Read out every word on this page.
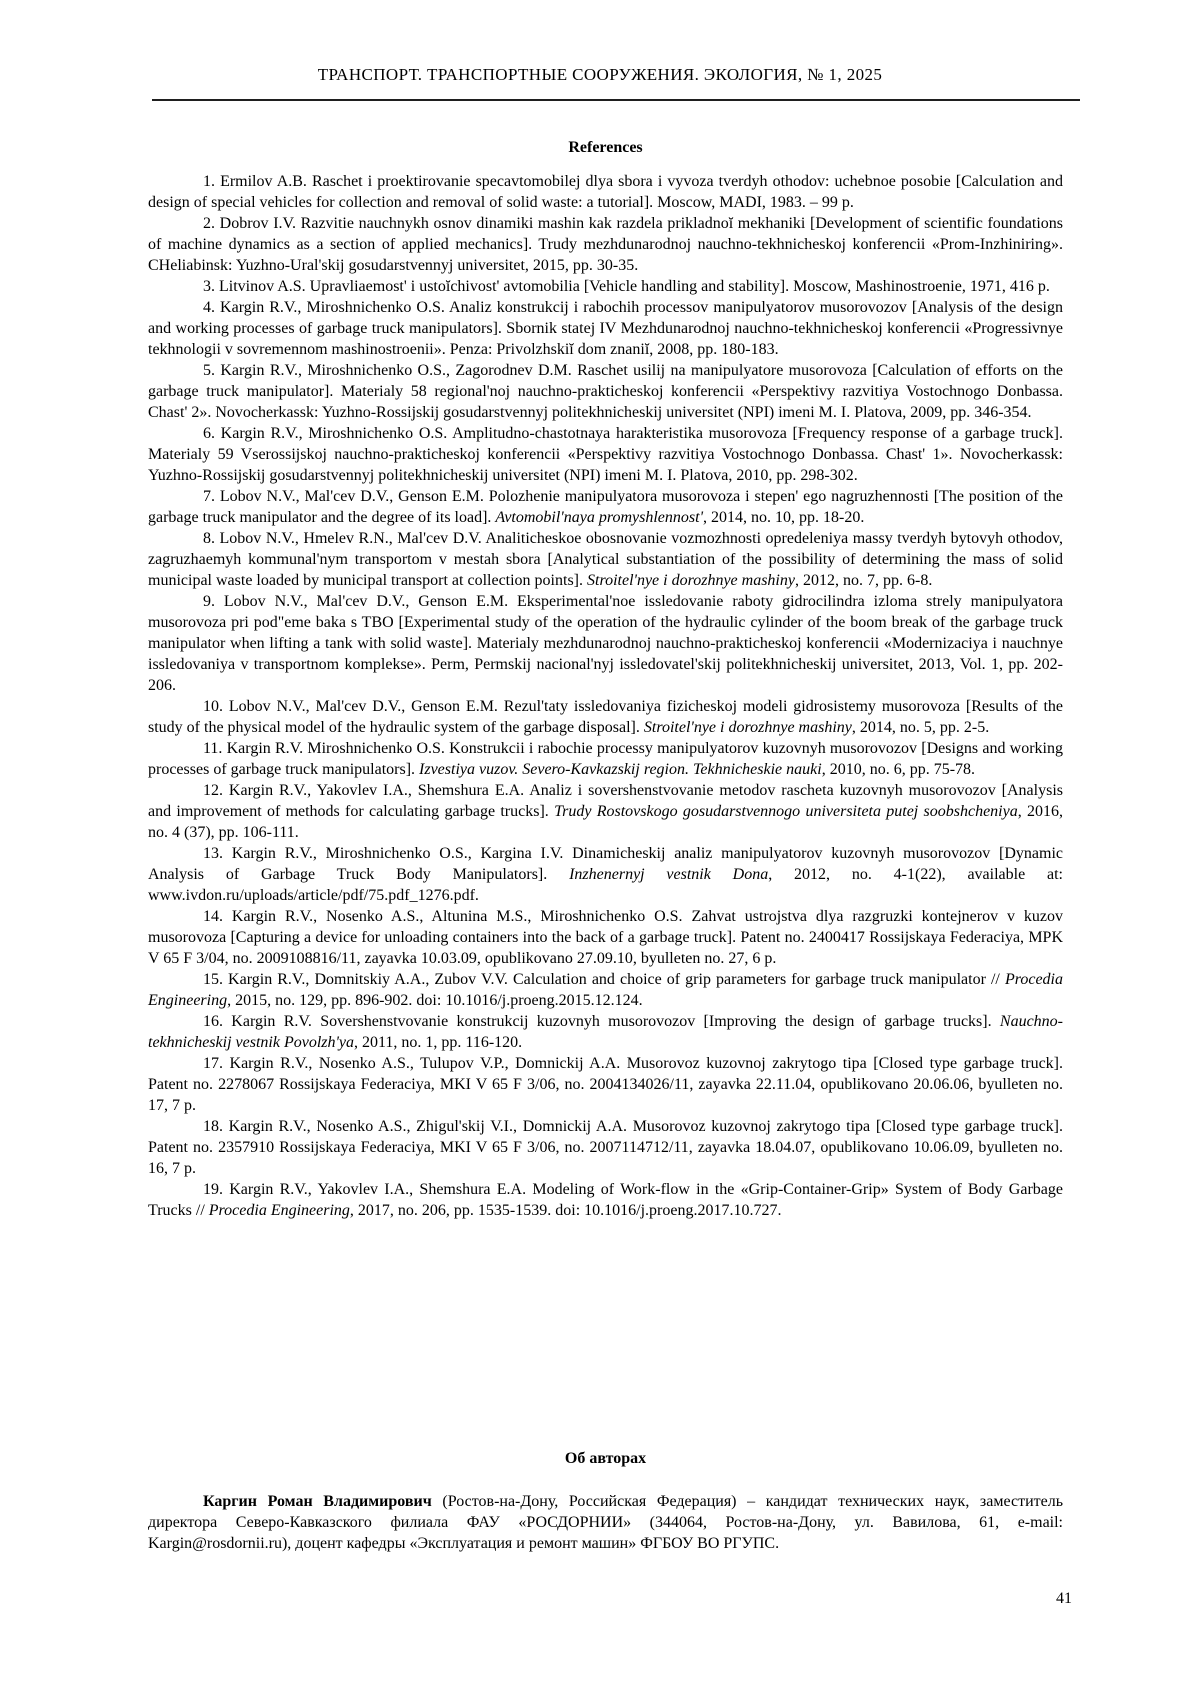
ТРАНСПОРТ. ТРАНСПОРТНЫЕ СООРУЖЕНИЯ. ЭКОЛОГИЯ, № 1, 2025
References

1. Ermilov A.B. Raschet i proektirovanie specavtomobilej dlya sbora i vyvoza tverdyh othodov: uchebnoe posobie [Calculation and design of special vehicles for collection and removal of solid waste: a tutorial]. Moscow, MADI, 1983. – 99 p.

2. Dobrov I.V. Razvitie nauchnykh osnov dinamiki mashin kak razdela prikladnoĭ mekhaniki [Development of scientific foundations of machine dynamics as a section of applied mechanics]. Trudy mezhdunarodnoj nauchno-tekhnicheskoj konferencii «Prom-Inzhiniring». CHeliabinsk: Yuzhno-Ural'skij gosudarstvennyj universitet, 2015, pp. 30-35.

3. Litvinov A.S. Upravliaemost' i ustoĭchivost' avtomobilia [Vehicle handling and stability]. Moscow, Mashinostroenie, 1971, 416 p.

4. Kargin R.V., Miroshnichenko O.S. Analiz konstrukcij i rabochih processov manipulyatorov musorovozov [Analysis of the design and working processes of garbage truck manipulators]. Sbornik statej IV Mezhdunarodnoj nauchno-tekhnicheskoj konferencii «Progressivnye tekhnologii v sovremennom mashinostroenii». Penza: Privolzhskiĭ dom znaniĭ, 2008, pp. 180-183.

5. Kargin R.V., Miroshnichenko O.S., Zagorodnev D.M. Raschet usilij na manipulyatore musorovoza [Calculation of efforts on the garbage truck manipulator]. Materialy 58 regional'noj nauchno-prakticheskoj konferencii «Perspektivy razvitiya Vostochnogo Donbassa. Chast' 2». Novocherkassk: Yuzhno-Rossijskij gosudarstvennyj politekhnicheskij universitet (NPI) imeni M. I. Platova, 2009, pp. 346-354.

6. Kargin R.V., Miroshnichenko O.S. Amplitudno-chastotnaya harakteristika musorovoza [Frequency response of a garbage truck]. Materialy 59 Vserossijskoj nauchno-prakticheskoj konferencii «Perspektivy razvitiya Vostochnogo Donbassa. Chast' 1». Novocherkassk: Yuzhno-Rossijskij gosudarstvennyj politekhnicheskij universitet (NPI) imeni M. I. Platova, 2010, pp. 298-302.

7. Lobov N.V., Mal'cev D.V., Genson E.M. Polozhenie manipulyatora musorovoza i stepen' ego nagruzhennosti [The position of the garbage truck manipulator and the degree of its load]. Avtomobil'naya promyshlennost', 2014, no. 10, pp. 18-20.

8. Lobov N.V., Hmelev R.N., Mal'cev D.V. Analiticheskoe obosnovanie vozmozhnosti opredeleniya massy tverdyh bytovyh othodov, zagruzhaemyh kommunal'nym transportom v mestah sbora [Analytical substantiation of the possibility of determining the mass of solid municipal waste loaded by municipal transport at collection points]. Stroitel'nye i dorozhnye mashiny, 2012, no. 7, pp. 6-8.

9. Lobov N.V., Mal'cev D.V., Genson E.M. Eksperimental'noe issledovanie raboty gidrocilindra izloma strely manipulyatora musorovoza pri pod"eme baka s TBO [Experimental study of the operation of the hydraulic cylinder of the boom break of the garbage truck manipulator when lifting a tank with solid waste]. Materialy mezhdunarodnoj nauchno-prakticheskoj konferencii «Modernizaciya i nauchnye issledovaniya v transportnom komplekse». Perm, Permskij nacional'nyj issledovatel'skij politekhnicheskij universitet, 2013, Vol. 1, pp. 202-206.

10. Lobov N.V., Mal'cev D.V., Genson E.M. Rezul'taty issledovaniya fizicheskoj modeli gidrosistemy musorovoza [Results of the study of the physical model of the hydraulic system of the garbage disposal]. Stroitel'nye i dorozhnye mashiny, 2014, no. 5, pp. 2-5.

11. Kargin R.V. Miroshnichenko O.S. Konstrukcii i rabochie processy manipulyatorov kuzovnyh musorovozov [Designs and working processes of garbage truck manipulators]. Izvestiya vuzov. Severo-Kavkazskij region. Tekhnicheskie nauki, 2010, no. 6, pp. 75-78.

12. Kargin R.V., Yakovlev I.A., Shemshura E.A. Analiz i sovershenstvovanie metodov rascheta kuzovnyh musorovozov [Analysis and improvement of methods for calculating garbage trucks]. Trudy Rostovskogo gosudarstvennogo universiteta putej soobshcheniya, 2016, no. 4 (37), pp. 106-111.

13. Kargin R.V., Miroshnichenko O.S., Kargina I.V. Dinamicheskij analiz manipulyatorov kuzovnyh musorovozov [Dynamic Analysis of Garbage Truck Body Manipulators]. Inzhenernyj vestnik Dona, 2012, no. 4-1(22), available at: www.ivdon.ru/uploads/article/pdf/75.pdf_1276.pdf.

14. Kargin R.V., Nosenko A.S., Altunina M.S., Miroshnichenko O.S. Zahvat ustrojstva dlya razgruzki kontejnerov v kuzov musorovoza [Capturing a device for unloading containers into the back of a garbage truck]. Patent no. 2400417 Rossijskaya Federaciya, MPK V 65 F 3/04, no. 2009108816/11, zayavka 10.03.09, opublikovano 27.09.10, byulleten no. 27, 6 p.

15. Kargin R.V., Domnitskiy A.A., Zubov V.V. Calculation and choice of grip parameters for garbage truck manipulator // Procedia Engineering, 2015, no. 129, pp. 896-902. doi: 10.1016/j.proeng.2015.12.124.

16. Kargin R.V. Sovershenstvovanie konstrukcij kuzovnyh musorovozov [Improving the design of garbage trucks]. Nauchno-tekhnicheskij vestnik Povolzh'ya, 2011, no. 1, pp. 116-120.

17. Kargin R.V., Nosenko A.S., Tulupov V.P., Domnickij A.A. Musorovoz kuzovnoj zakrytogo tipa [Closed type garbage truck]. Patent no. 2278067 Rossijskaya Federaciya, MKI V 65 F 3/06, no. 2004134026/11, zayavka 22.11.04, opublikovano 20.06.06, byulleten no. 17, 7 p.

18. Kargin R.V., Nosenko A.S., Zhigul'skij V.I., Domnickij A.A. Musorovoz kuzovnoj zakrytogo tipa [Closed type garbage truck]. Patent no. 2357910 Rossijskaya Federaciya, MKI V 65 F 3/06, no. 2007114712/11, zayavka 18.04.07, opublikovano 10.06.09, byulleten no. 16, 7 p.

19. Kargin R.V., Yakovlev I.A., Shemshura E.A. Modeling of Work-flow in the «Grip-Container-Grip» System of Body Garbage Trucks // Procedia Engineering, 2017, no. 206, pp. 1535-1539. doi: 10.1016/j.proeng.2017.10.727.

Об авторах

Каргин Роман Владимирович (Ростов-на-Дону, Российская Федерация) – кандидат технических наук, заместитель директора Северо-Кавказского филиала ФАУ «РОСДОРНИИ» (344064, Ростов-на-Дону, ул. Вавилова, 61, e-mail: Kargin@rosdornii.ru), доцент кафедры «Эксплуатация и ремонт машин» ФГБОУ ВО РГУПС.

41
